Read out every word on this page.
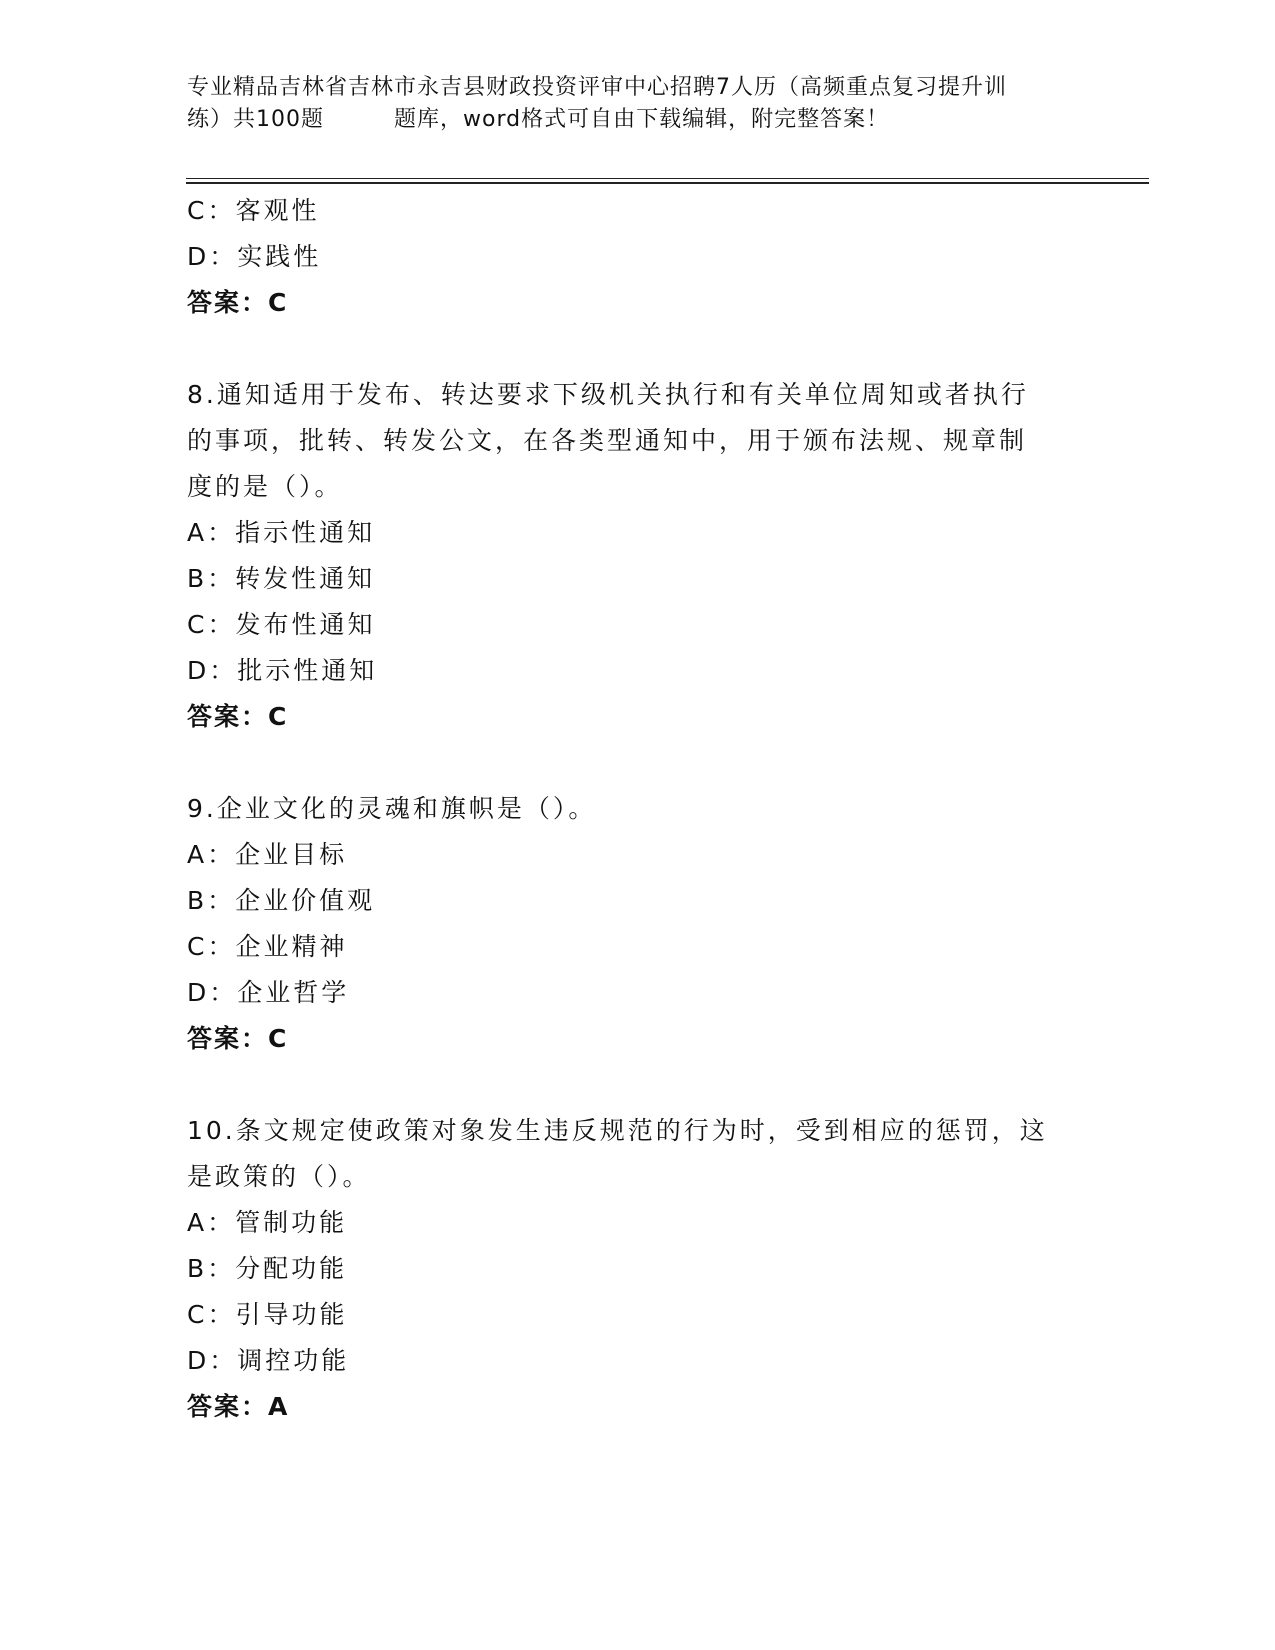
专业精品吉林省吉林市永吉县财政投资评审中心招聘7人历（高频重点复习提升训
练）共100题	题库，word格式可自由下载编辑，附完整答案！
C：客观性
D：实践性
答案：C
8.通知适用于发布、转达要求下级机关执行和有关单位周知或者执行
的事项，批转、转发公文，在各类型通知中，用于颁布法规、规章制
度的是（）。
A：指示性通知
B：转发性通知
C：发布性通知
D：批示性通知
答案：C
9.企业文化的灵魂和旗帜是（）。
A：企业目标
B：企业价值观
C：企业精神
D：企业哲学
答案：C
10.条文规定使政策对象发生违反规范的行为时，受到相应的惩罚，这
是政策的（）。
A：管制功能
B：分配功能
C：引导功能
D：调控功能
答案：A
